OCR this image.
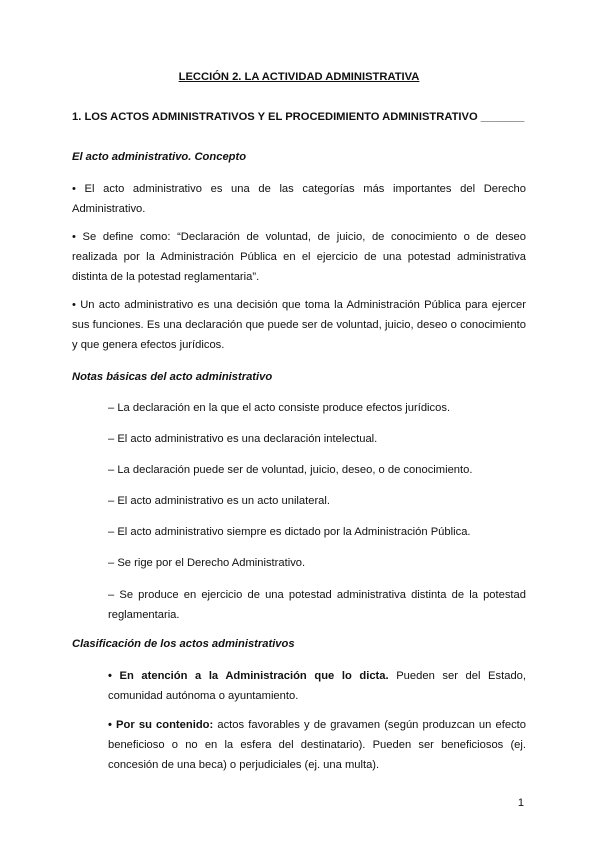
LECCIÓN 2. LA ACTIVIDAD ADMINISTRATIVA

1. LOS ACTOS ADMINISTRATIVOS Y EL PROCEDIMIENTO ADMINISTRATIVO _______

El acto administrativo. Concepto

• El acto administrativo es una de las categorías más importantes del Derecho Administrativo.

• Se define como: “Declaración de voluntad, de juicio, de conocimiento o de deseo realizada por la Administración Pública en el ejercicio de una potestad administrativa distinta de la potestad reglamentaria”.

• Un acto administrativo es una decisión que toma la Administración Pública para ejercer sus funciones. Es una declaración que puede ser de voluntad, juicio, deseo o conocimiento y que genera efectos jurídicos.

Notas básicas del acto administrativo

– La declaración en la que el acto consiste produce efectos jurídicos.

– El acto administrativo es una declaración intelectual.

– La declaración puede ser de voluntad, juicio, deseo, o de conocimiento.

– El acto administrativo es un acto unilateral.

– El acto administrativo siempre es dictado por la Administración Pública.

– Se rige por el Derecho Administrativo.

– Se produce en ejercicio de una potestad administrativa distinta de la potestad reglamentaria.

Clasificación de los actos administrativos

• En atención a la Administración que lo dicta. Pueden ser del Estado, comunidad autónoma o ayuntamiento.

• Por su contenido: actos favorables y de gravamen (según produzcan un efecto beneficioso o no en la esfera del destinatario). Pueden ser beneficiosos (ej. concesión de una beca) o perjudiciales (ej. una multa).

1
